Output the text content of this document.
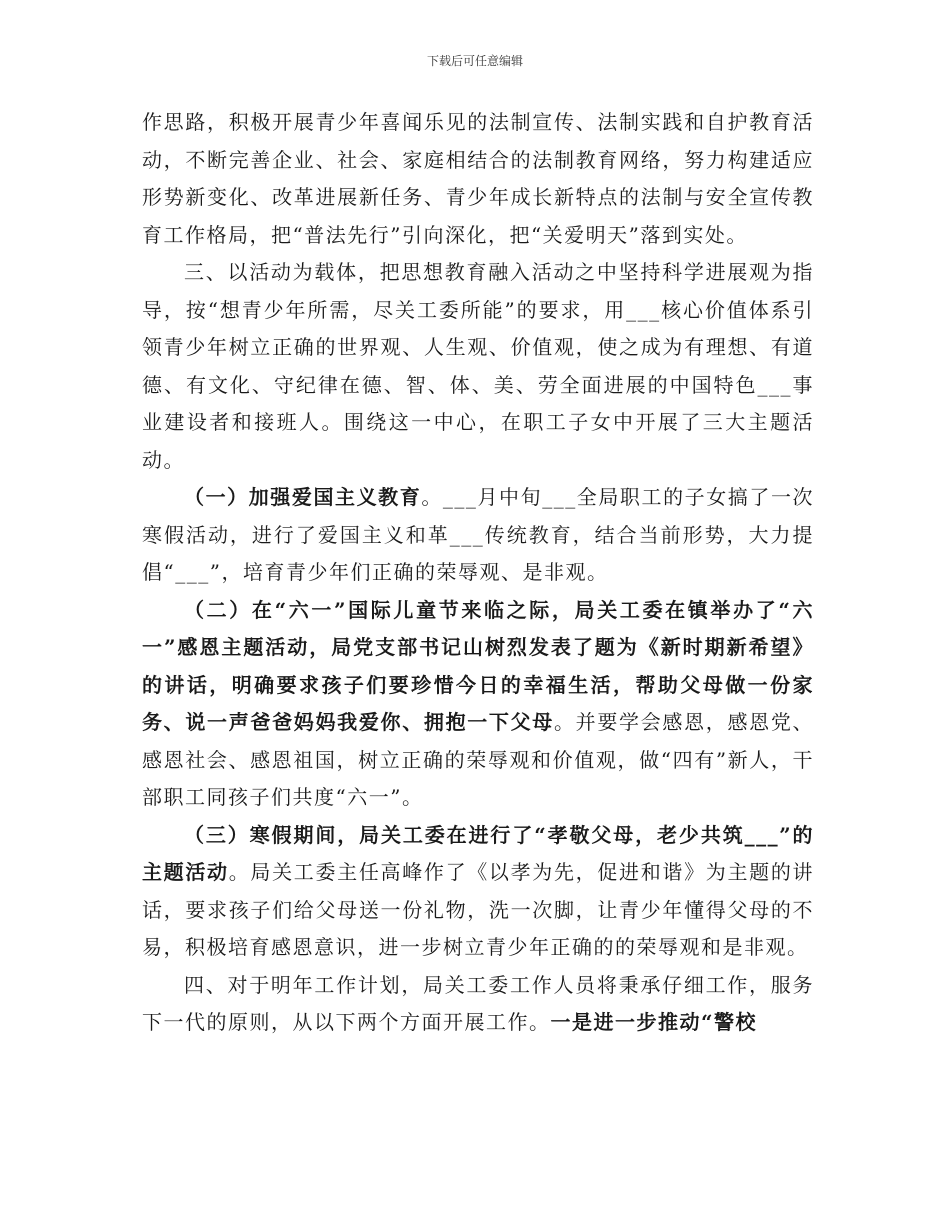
下载后可任意编辑

作思路，积极开展青少年喜闻乐见的法制宣传、法制实践和自护教育活动，不断完善企业、社会、家庭相结合的法制教育网络，努力构建适应形势新变化、改革进展新任务、青少年成长新特点的法制与安全宣传教育工作格局，把“普法先行”引向深化，把“关爱明天”落到实处。

三、以活动为载体，把思想教育融入活动之中坚持科学进展观为指导，按“想青少年所需，尽关工委所能”的要求，用___核心价值体系引领青少年树立正确的世界观、人生观、价值观，使之成为有理想、有道德、有文化、守纪律在德、智、体、美、劳全面进展的中国特色___事业建设者和接班人。围绕这一中心，在职工子女中开展了三大主题活动。

（一）加强爱国主义教育。___月中旬___全局职工的子女搞了一次寒假活动，进行了爱国主义和革___传统教育，结合当前形势，大力提倡“___”，培育青少年们正确的荣辱观、是非观。

（二）在“六一”国际儿童节来临之际，局关工委在镇举办了“六一”感恩主题活动，局党支部书记山树烈发表了题为《新时期新希望》的讲话，明确要求孩子们要珍惜今日的幸福生活，帮助父母做一份家务、说一声爸爸妈妈我爱你、拥抱一下父母。并要学会感恩，感恩党、感恩社会、感恩祖国，树立正确的荣辱观和价值观，做“四有”新人，干部职工同孩子们共度“六一”。

（三）寒假期间，局关工委在进行了“孝敬父母，老少共筑___”的主题活动。局关工委主任高峰作了《以孝为先，促进和谐》为主题的讲话，要求孩子们给父母送一份礼物，洗一次脚，让青少年懂得父母的不易，积极培育感恩意识，进一步树立青少年正确的的荣辱观和是非观。

四、对于明年工作计划，局关工委工作人员将秉承仔细工作，服务下一代的原则，从以下两个方面开展工作。一是进一步推动“警校
